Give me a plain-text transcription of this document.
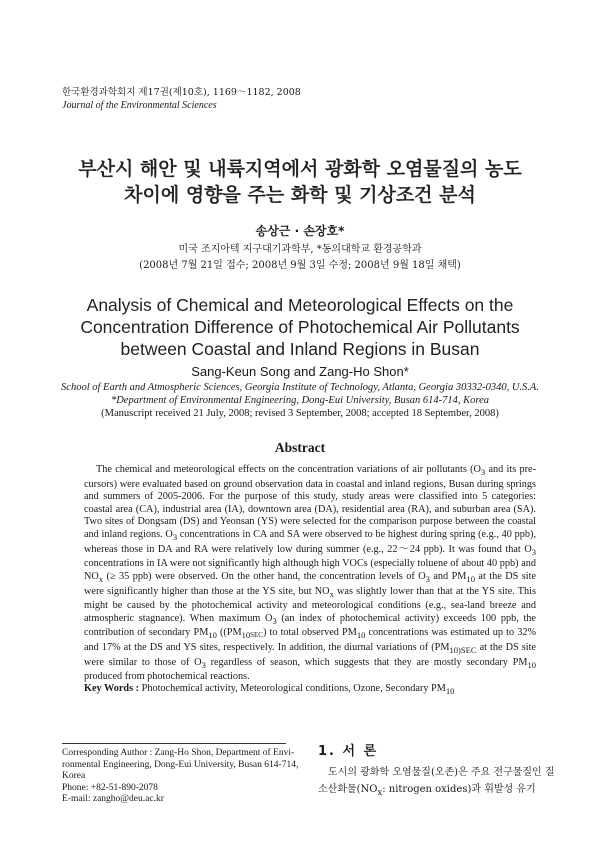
한국환경과학회지 제17권(제10호), 1169～1182, 2008
Journal of the Environmental Sciences
부산시 해안 및 내륙지역에서 광화학 오염물질의 농도
차이에 영향을 주는 화학 및 기상조건 분석
송상근 · 손장호*
미국 조지아텍 지구대기과학부, *동의대학교 환경공학과
(2008년 7월 21일 접수; 2008년 9월 3일 수정; 2008년 9월 18일 채택)
Analysis of Chemical and Meteorological Effects on the
Concentration Difference of Photochemical Air Pollutants
between Coastal and Inland Regions in Busan
Sang-Keun Song and Zang-Ho Shon*
School of Earth and Atmospheric Sciences, Georgia Institute of Technology, Atlanta, Georgia 30332-0340, U.S.A.
*Department of Environmental Engineering, Dong-Eui University, Busan 614-714, Korea
(Manuscript received 21 July, 2008; revised 3 September, 2008; accepted 18 September, 2008)
Abstract

The chemical and meteorological effects on the concentration variations of air pollutants ($O_3$ and its pre-cursors) were evaluated based on ground observation data in coastal and inland regions, Busan during springs and summers of 2005-2006. For the purpose of this study, study areas were classified into 5 categories: coastal area (CA), industrial area (IA), downtown area (DA), residential area (RA), and suburban area (SA). Two sites of Dongsam (DS) and Yeonsan (YS) were selected for the comparison purpose between the coastal and inland regions. $O_3$ concentrations in CA and SA were observed to be highest during spring (e.g., 40 ppb), whereas those in DA and RA were relatively low during summer (e.g., 22～24 ppb). It was found that $O_3$ concentrations in IA were not significantly high although high VOCs (especially toluene of about 40 ppb) and $NO_x$ (≥ 35 ppb) were observed. On the other hand, the concentration levels of $O_3$ and $PM_{10}$ at the DS site were significantly higher than those at the YS site, but $NO_x$ was slightly lower than that at the YS site. This might be caused by the photochemical activity and meteorological conditions (e.g., sea-land breeze and atmospheric stagnance). When maximum $O_3$ (an index of photochemical activity) exceeds 100 ppb, the contribution of secondary $PM_{10}$ ($(PM_{10}SEC)$ to total observed $PM_{10}$ concentrations was estimated up to 32% and 17% at the DS and YS sites, respectively. In addition, the diurnal variations of ($PM_{10)SEC}$ at the DS site were similar to those of $O_3$ regardless of season, which suggests that they are mostly secondary $PM_{10}$ produced from photochemical reactions.

Key Words : Photochemical activity, Meteorological conditions, Ozone, Secondary $PM_{10}$
Corresponding Author : Zang-Ho Shon, Department of Envi-
ronmental Engineering, Dong-Eui University, Busan 614-714,
Korea
Phone: +82-51-890-2078
E-mail: zangho@deu.ac.kr
1. 서 론

도시의 광화학 오염물질(오존)은 주요 전구물질인 질소산화물($NO_x$: nitrogen oxides)과 휘발성 유기
